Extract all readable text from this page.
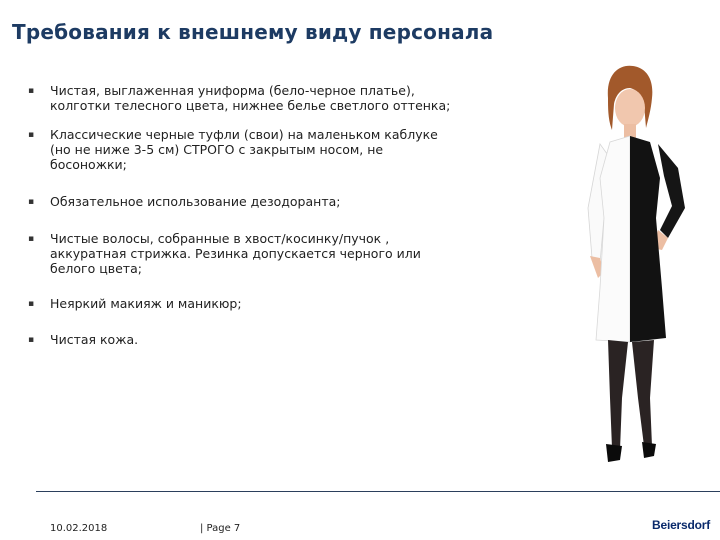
Требования к внешнему виду персонала
▪ Чистая, выглаженная униформа (бело-черное платье), колготки телесного цвета, нижнее белье светлого оттенка;
▪ Классические черные туфли (свои) на маленьком каблуке (но не ниже 3-5 см) СТРОГО с закрытым носом, не босоножки;
▪ Обязательное использование дезодоранта;
▪ Чистые волосы, собранные в хвост/косинку/пучок , аккуратная стрижка. Резинка допускается черного или белого цвета;
▪ Неяркий макияж и маникюр;
▪ Чистая кожа.
10.02.2018	| Page 7	Beiersdorf
